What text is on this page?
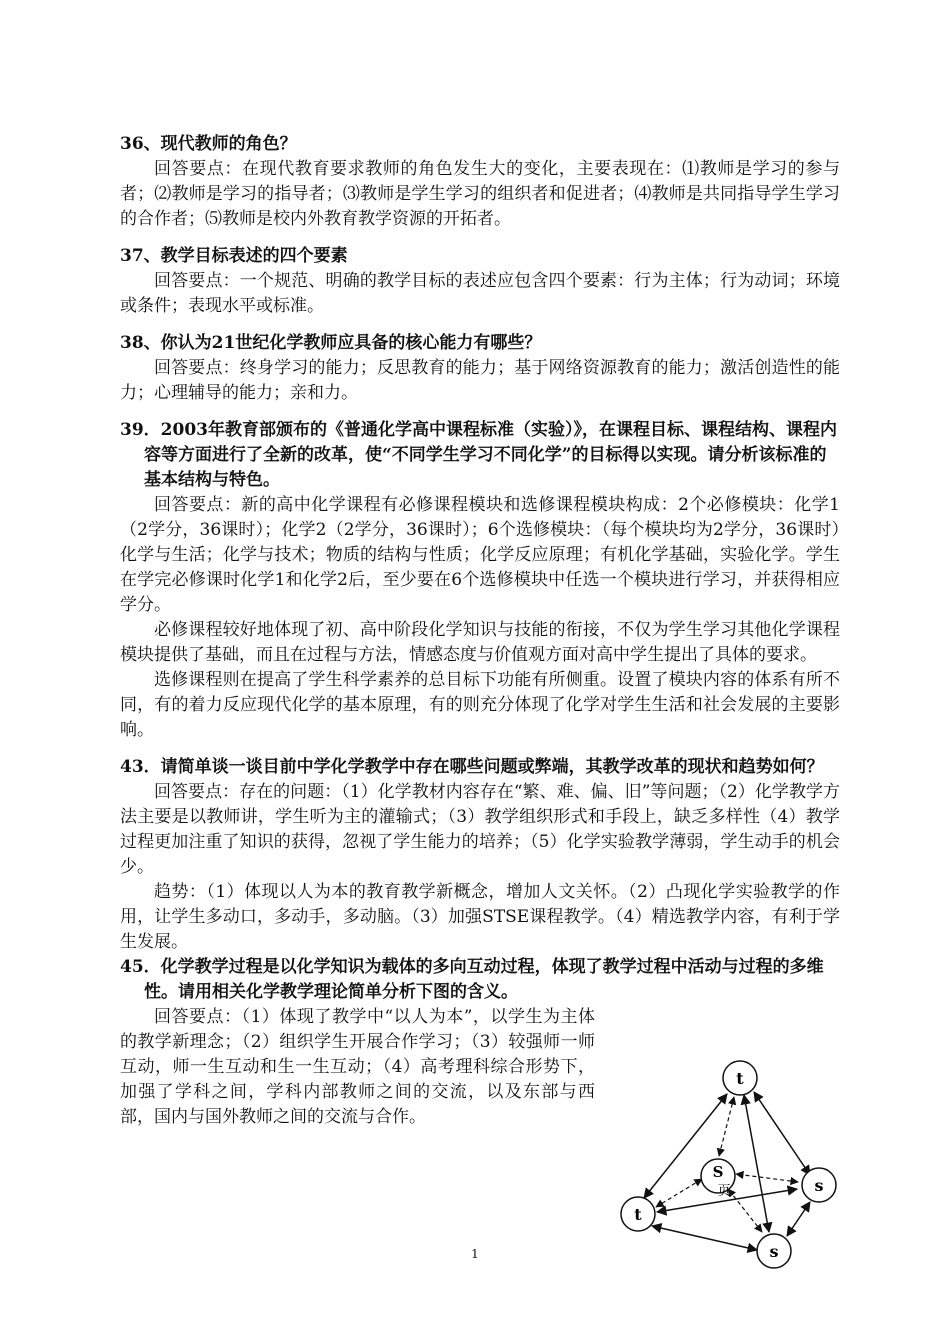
36、现代教师的角色？

回答要点：在现代教育要求教师的角色发生大的变化，主要表现在：⑴教师是学习的参与者；⑵教师是学习的指导者；⑶教师是学生学习的组织者和促进者；⑷教师是共同指导学生学习的合作者；⑸教师是校内外教育教学资源的开拓者。

37、教学目标表述的四个要素

回答要点：一个规范、明确的教学目标的表述应包含四个要素：行为主体；行为动词；环境或条件；表现水平或标准。

38、你认为21世纪化学教师应具备的核心能力有哪些？

回答要点：终身学习的能力；反思教育的能力；基于网络资源教育的能力；激活创造性的能力；心理辅导的能力；亲和力。

39．2003年教育部颁布的《普通化学高中课程标准（实验）》，在课程目标、课程结构、课程内容等方面进行了全新的改革，使“不同学生学习不同化学”的目标得以实现。请分析该标准的基本结构与特色。

回答要点：新的高中化学课程有必修课程模块和选修课程模块构成：2个必修模块：化学1（2学分，36课时）；化学2（2学分，36课时）；6个选修模块：（每个模块均为2学分，36课时）化学与生活；化学与技术；物质的结构与性质；化学反应原理；有机化学基础，实验化学。学生在学完必修课时化学1和化学2后，至少要在6个选修模块中任选一个模块进行学习，并获得相应学分。

必修课程较好地体现了初、高中阶段化学知识与技能的衔接，不仅为学生学习其他化学课程模块提供了基础，而且在过程与方法，情感态度与价值观方面对高中学生提出了具体的要求。

选修课程则在提高了学生科学素养的总目标下功能有所侧重。设置了模块内容的体系有所不同，有的着力反应现代化学的基本原理，有的则充分体现了化学对学生生活和社会发展的主要影响。

43．请简单谈一谈目前中学化学教学中存在哪些问题或弊端，其教学改革的现状和趋势如何？

回答要点：存在的问题：（1）化学教材内容存在“繁、难、偏、旧”等问题；（2）化学教学方法主要是以教师讲，学生听为主的灌输式；（3）教学组织形式和手段上，缺乏多样性（4）教学过程更加注重了知识的获得，忽视了学生能力的培养；（5）化学实验教学薄弱，学生动手的机会少。

趋势：（1）体现以人为本的教育教学新概念，增加人文关怀。（2）凸现化学实验教学的作用，让学生多动口，多动手，多动脑。（3）加强STSE课程教学。（4）精选教学内容，有利于学生发展。

45．化学教学过程是以化学知识为载体的多向互动过程，体现了教学过程中活动与过程的多维性。请用相关化学教学理论简单分析下图的含义。

回答要点：（1）体现了教学中“以人为本”，以学生为主体的教学新理念；（2）组织学生开展合作学习；（3）较强师一师互动，师一生互动和生一生互动；（4）高考理科综合形势下，加强了学科之间，学科内部教师之间的交流，以及东部与西部，国内与国外教师之间的交流与合作。

t
t
s
s
S
页
1
